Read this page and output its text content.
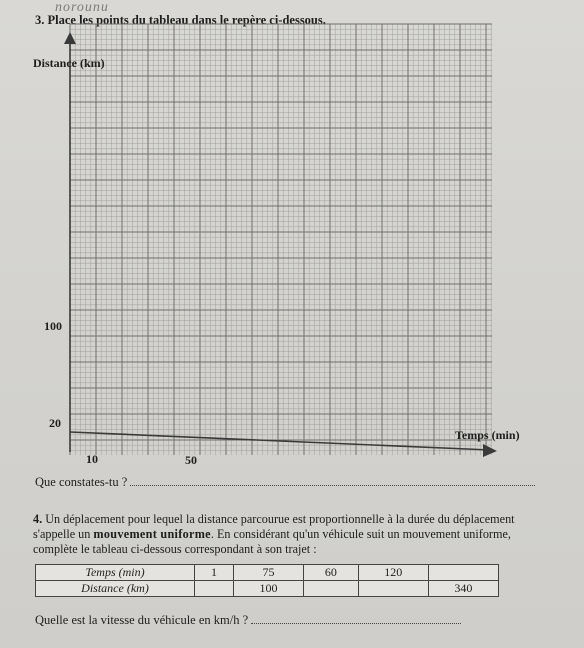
norounu
3. Place les points du tableau dans le repère ci-dessous.
Distance (km)
100
20
10	50
Temps (min)
Que constates-tu ?
4. Un déplacement pour lequel la distance parcourue est proportionnelle à la durée du déplacement s'appelle un mouvement uniforme. En considérant qu'un véhicule suit un mouvement uniforme, complète le tableau ci-dessous correspondant à son trajet :
Temps (min)	1	75	60	120	
Distance (km)		100			340
Quelle est la vitesse du véhicule en km/h ?
